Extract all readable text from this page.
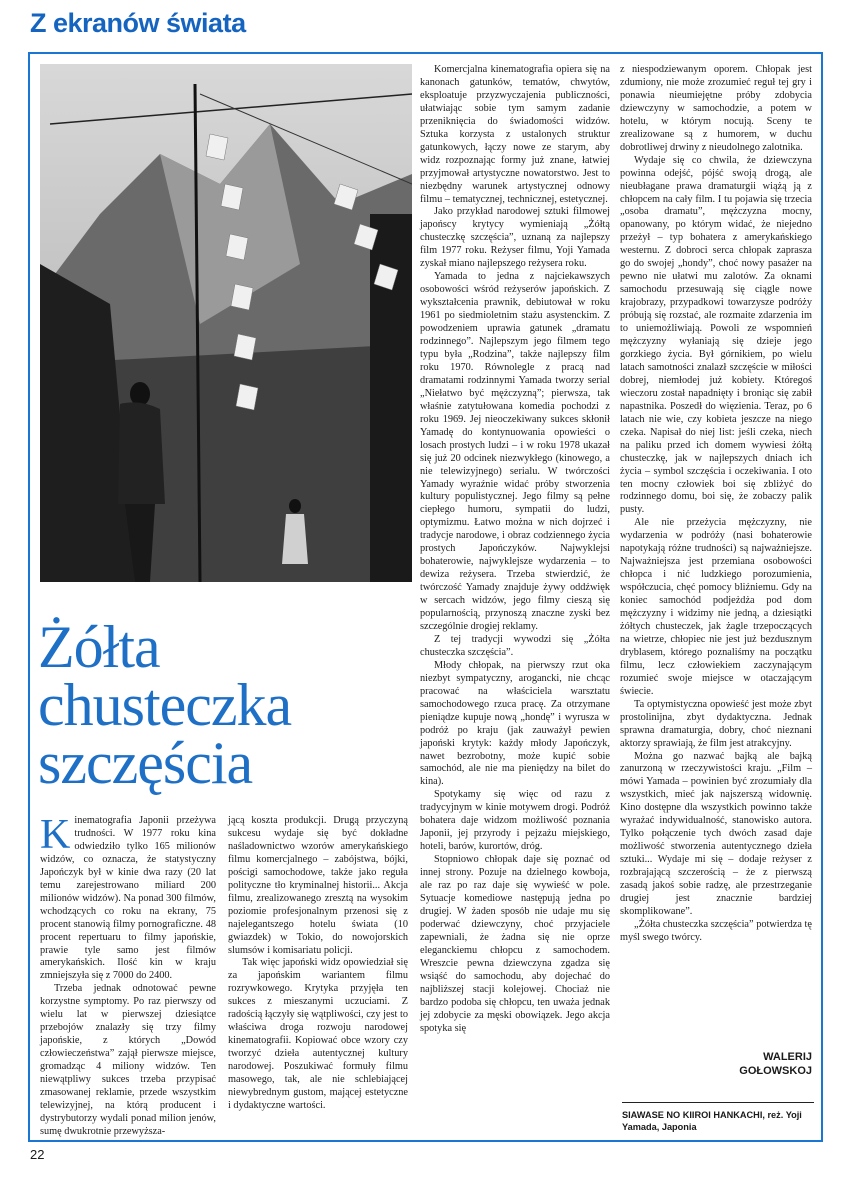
Z ekranów świata
Żółta
chusteczka
szczęścia

Kinematografia Japonii przeżywa trudności. W 1977 roku kina odwiedziło tylko 165 milionów widzów, co oznacza, że statystyczny Japończyk był w kinie dwa razy (20 lat temu zarejestrowano miliard 200 milionów widzów). Na ponad 300 filmów, wchodzących co roku na ekrany, 75 procent stanowią filmy pornograficzne. 48 procent repertuaru to filmy japońskie, prawie tyle samo jest filmów amerykańskich. Ilość kin w kraju zmniejszyła się z 7000 do 2400.

Trzeba jednak odnotować pewne korzystne symptomy. Po raz pierwszy od wielu lat w pierwszej dziesiątce przebojów znalazły się trzy filmy japońskie, z których „Dowód człowieczeństwa” zajął pierwsze miejsce, gromadząc 4 miliony widzów. Ten niewątpliwy sukces trzeba przypisać zmasowanej reklamie, przede wszystkim telewizyjnej, na którą producent i dystrybutorzy wydali ponad milion jenów, sumę dwukrotnie przewyższa-

jącą koszta produkcji. Drugą przyczyną sukcesu wydaje się być dokładne naśladownictwo wzorów amerykańskiego filmu komercjalnego – zabójstwa, bójki, pościgi samochodowe, także jako reguła polityczne tło kryminalnej historii... Akcja filmu, zrealizowanego zresztą na wysokim poziomie profesjonalnym przenosi się z najelegantszego hotelu świata (10 gwiazdek) w Tokio, do nowojorskich slumsów i komisariatu policji.

Tak więc japoński widz opowiedział się za japońskim wariantem filmu rozrywkowego. Krytyka przyjęła ten sukces z mieszanymi uczuciami. Z radością łączyły się wątpliwości, czy jest to właściwa droga rozwoju narodowej kinematografii. Kopiować obce wzory czy tworzyć dzieła autentycznej kultury narodowej. Poszukiwać formuły filmu masowego, tak, ale nie schlebiającej niewybrednym gustom, mającej estetyczne i dydaktyczne wartości.

Komercjalna kinematografia opiera się na kanonach gatunków, tematów, chwytów, eksploatuje przyzwyczajenia publiczności, ułatwiając sobie tym samym zadanie przeniknięcia do świadomości widzów. Sztuka korzysta z ustalonych struktur gatunkowych, łączy nowe ze starym, aby widz rozpoznając formy już znane, łatwiej przyjmował artystyczne nowatorstwo. Jest to niezbędny warunek artystycznej odnowy filmu – tematycznej, technicznej, estetycznej.

Jako przykład narodowej sztuki filmowej japońscy krytycy wymieniają „Żółtą chusteczkę szczęścia”, uznaną za najlepszy film 1977 roku. Reżyser filmu, Yoji Yamada zyskał miano najlepszego reżysera roku.

Yamada to jedna z najciekawszych osobowości wśród reżyserów japońskich. Z wykształcenia prawnik, debiutował w roku 1961 po siedmioletnim stażu asystenckim. Z powodzeniem uprawia gatunek „dramatu rodzinnego”. Najlepszym jego filmem tego typu była „Rodzina”, także najlepszy film roku 1970. Równolegle z pracą nad dramatami rodzinnymi Yamada tworzy serial „Niełatwo być mężczyzną”; pierwsza, tak właśnie zatytułowana komedia pochodzi z roku 1969. Jej nieoczekiwany sukces skłonił Yamadę do kontynuowania opowieści o losach prostych ludzi – i w roku 1978 ukazał się już 20 odcinek niezwykłego (kinowego, a nie telewizyjnego) serialu. W twórczości Yamady wyraźnie widać próby stworzenia kultury populistycznej. Jego filmy są pełne ciepłego humoru, sympatii do ludzi, optymizmu. Łatwo można w nich dojrzeć i tradycje narodowe, i obraz codziennego życia prostych Japończyków. Najwyklejsi bohaterowie, najwyklejsze wydarzenia – to dewiza reżysera. Trzeba stwierdzić, że twórczość Yamady znajduje żywy oddźwięk w sercach widzów, jego filmy cieszą się popularnością, przynoszą znaczne zyski bez szczególnie drogiej reklamy.

Z tej tradycji wywodzi się „Żółta chusteczka szczęścia”.

Młody chłopak, na pierwszy rzut oka niezbyt sympatyczny, arogancki, nie chcąc pracować na właściciela warsztatu samochodowego rzuca pracę. Za otrzymane pieniądze kupuje nową „hondę” i wyrusza w podróż po kraju (jak zauważył pewien japoński krytyk: każdy młody Japończyk, nawet bezrobotny, może kupić sobie samochód, ale nie ma pieniędzy na bilet do kina).

Spotykamy się więc od razu z tradycyjnym w kinie motywem drogi. Podróż bohatera daje widzom możliwość poznania Japonii, jej przyrody i pejzażu miejskiego, hoteli, barów, kurortów, dróg.

Stopniowo chłopak daje się poznać od innej strony. Pozuje na dzielnego kowboja, ale raz po raz daje się wywieść w pole. Sytuacje komediowe następują jedna po drugiej. W żaden sposób nie udaje mu się poderwać dziewczyny, choć przyjaciele zapewniali, że żadna się nie oprze eleganckiemu chłopcu z samochodem. Wreszcie pewna dziewczyna zgadza się wsiąść do samochodu, aby dojechać do najbliższej stacji kolejowej. Chociaż nie bardzo podoba się chłopcu, ten uważa jednak jej zdobycie za męski obowiązek. Jego akcja spotyka się

z niespodziewanym oporem. Chłopak jest zdumiony, nie może zrozumieć reguł tej gry i ponawia nieumiejętne próby zdobycia dziewczyny w samochodzie, a potem w hotelu, w którym nocują. Sceny te zrealizowane są z humorem, w duchu dobrotliwej drwiny z nieudolnego zalotnika.

Wydaje się co chwila, że dziewczyna powinna odejść, pójść swoją drogą, ale nieubłagane prawa dramaturgii wiążą ją z chłopcem na cały film. I tu pojawia się trzecia „osoba dramatu”, mężczyzna mocny, opanowany, po którym widać, że niejedno przeżył – typ bohatera z amerykańskiego westernu. Z dobroci serca chłopak zaprasza go do swojej „hondy”, choć nowy pasażer na pewno nie ułatwi mu zalotów. Za oknami samochodu przesuwają się ciągle nowe krajobrazy, przypadkowi towarzysze podróży próbują się rozstać, ale rozmaite zdarzenia im to uniemożliwiają. Powoli ze wspomnień mężczyzny wyłaniają się dzieje jego gorzkiego życia. Był górnikiem, po wielu latach samotności znalazł szczęście w miłości dobrej, niemłodej już kobiety. Któregoś wieczoru został napadnięty i broniąc się zabił napastnika. Poszedł do więzienia. Teraz, po 6 latach nie wie, czy kobieta jeszcze na niego czeka. Napisał do niej list: jeśli czeka, niech na paliku przed ich domem wywiesi żółtą chusteczkę, jak w najlepszych dniach ich życia – symbol szczęścia i oczekiwania. I oto ten mocny człowiek boi się zbliżyć do rodzinnego domu, boi się, że zobaczy palik pusty.

Ale nie przeżycia mężczyzny, nie wydarzenia w podróży (nasi bohaterowie napotykają różne trudności) są najważniejsze. Najważniejsza jest przemiana osobowości chłopca i nić ludzkiego porozumienia, współczucia, chęć pomocy bliźniemu. Gdy na koniec samochód podjeżdża pod dom mężczyzny i widzimy nie jedną, a dziesiątki żółtych chusteczek, jak żagle trzepoczących na wietrze, chłopiec nie jest już bezdusznym dryblasem, którego poznaliśmy na początku filmu, lecz człowiekiem zaczynającym rozumieć swoje miejsce w otaczającym świecie.

Ta optymistyczna opowieść jest może zbyt prostolinijna, zbyt dydaktyczna. Jednak sprawna dramaturgia, dobry, choć nieznani aktorzy sprawiają, że film jest atrakcyjny.

Można go nazwać bajką ale bajką zanurzoną w rzeczywistości kraju. „Film – mówi Yamada – powinien być zrozumiały dla wszystkich, mieć jak najszerszą widownię. Kino dostępne dla wszystkich powinno także wyrażać indywidualność, stanowisko autora. Tylko połączenie tych dwóch zasad daje możliwość stworzenia autentycznego dzieła sztuki... Wydaje mi się – dodaje reżyser z rozbrajającą szczerością – że z pierwszą zasadą jakoś sobie radzę, ale przestrzeganie drugiej jest znacznie bardziej skomplikowane”.

„Żółta chusteczka szczęścia” potwierdza tę myśl swego twórcy.

WALERIJ
GOŁOWSKOJ
SIAWASE NO KIIROI HANKACHI, reż. Yoji Yamada, Japonia
22
